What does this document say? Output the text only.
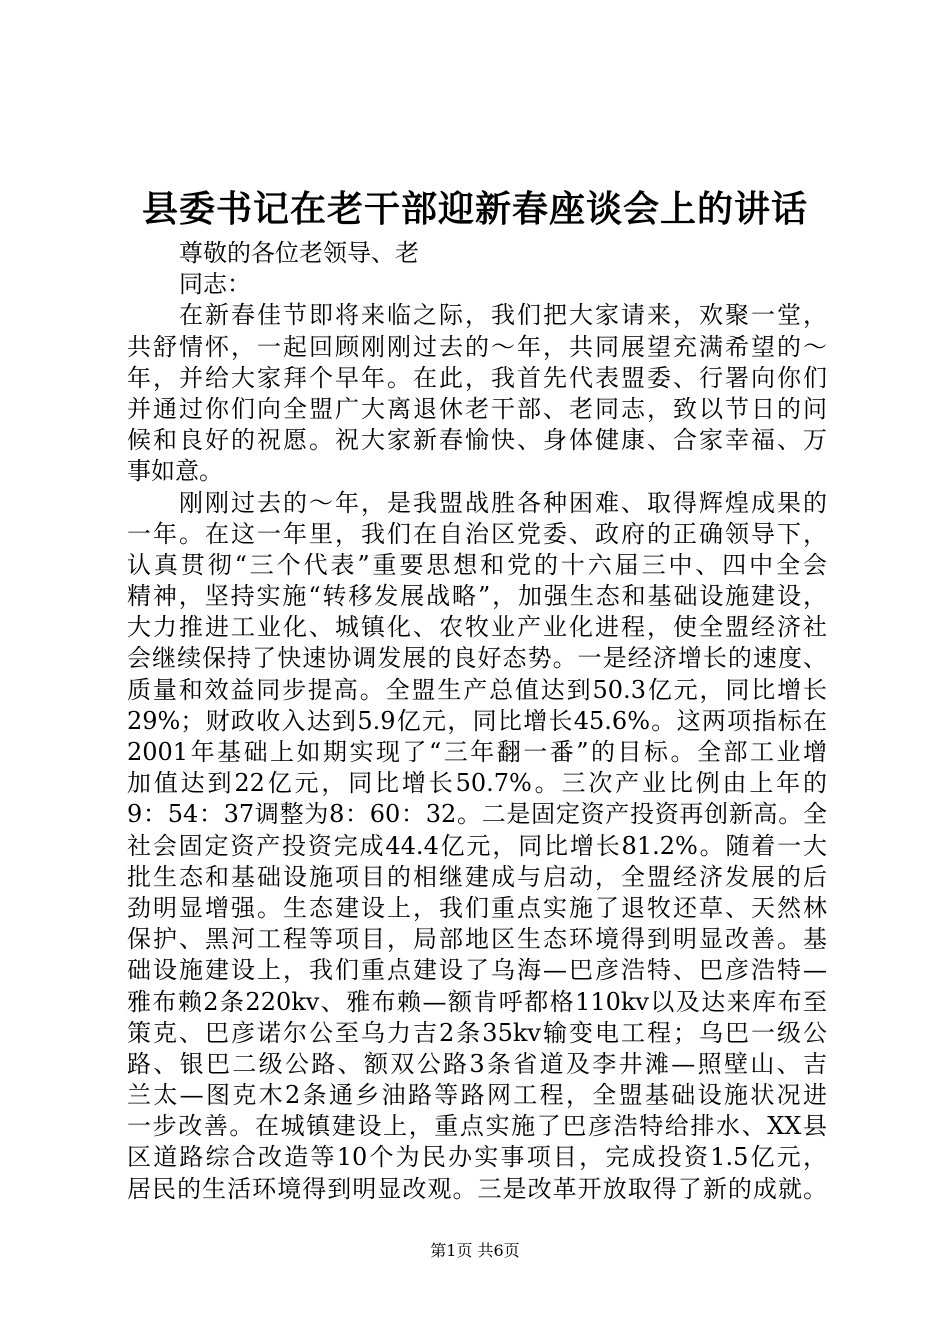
县委书记在老干部迎新春座谈会上的讲话
尊敬的各位老领导、老
同志：
在新春佳节即将来临之际，我们把大家请来，欢聚一堂，
共舒情怀，一起回顾刚刚过去的～年，共同展望充满希望的～
年，并给大家拜个早年。在此，我首先代表盟委、行署向你们
并通过你们向全盟广大离退休老干部、老同志，致以节日的问
候和良好的祝愿。祝大家新春愉快、身体健康、合家幸福、万
事如意。
刚刚过去的～年，是我盟战胜各种困难、取得辉煌成果的
一年。在这一年里，我们在自治区党委、政府的正确领导下，
认真贯彻“三个代表”重要思想和党的十六届三中、四中全会
精神，坚持实施“转移发展战略”，加强生态和基础设施建设，
大力推进工业化、城镇化、农牧业产业化进程，使全盟经济社
会继续保持了快速协调发展的良好态势。一是经济增长的速度、
质量和效益同步提高。全盟生产总值达到50.3亿元，同比增长
29%；财政收入达到5.9亿元，同比增长45.6%。这两项指标在
2001年基础上如期实现了“三年翻一番”的目标。全部工业增
加值达到22亿元，同比增长50.7%。三次产业比例由上年的
9：54：37调整为8：60：32。二是固定资产投资再创新高。全
社会固定资产投资完成44.4亿元，同比增长81.2%。随着一大
批生态和基础设施项目的相继建成与启动，全盟经济发展的后
劲明显增强。生态建设上，我们重点实施了退牧还草、天然林
保护、黑河工程等项目，局部地区生态环境得到明显改善。基
础设施建设上，我们重点建设了乌海—巴彦浩特、巴彦浩特—
雅布赖2条220kv、雅布赖—额肯呼都格110kv以及达来库布至
策克、巴彦诺尔公至乌力吉2条35kv输变电工程；乌巴一级公
路、银巴二级公路、额双公路3条省道及李井滩—照壁山、吉
兰太—图克木2条通乡油路等路网工程，全盟基础设施状况进
一步改善。在城镇建设上，重点实施了巴彦浩特给排水、XX县
区道路综合改造等10个为民办实事项目，完成投资1.5亿元，
居民的生活环境得到明显改观。三是改革开放取得了新的成就。
第1页 共6页
